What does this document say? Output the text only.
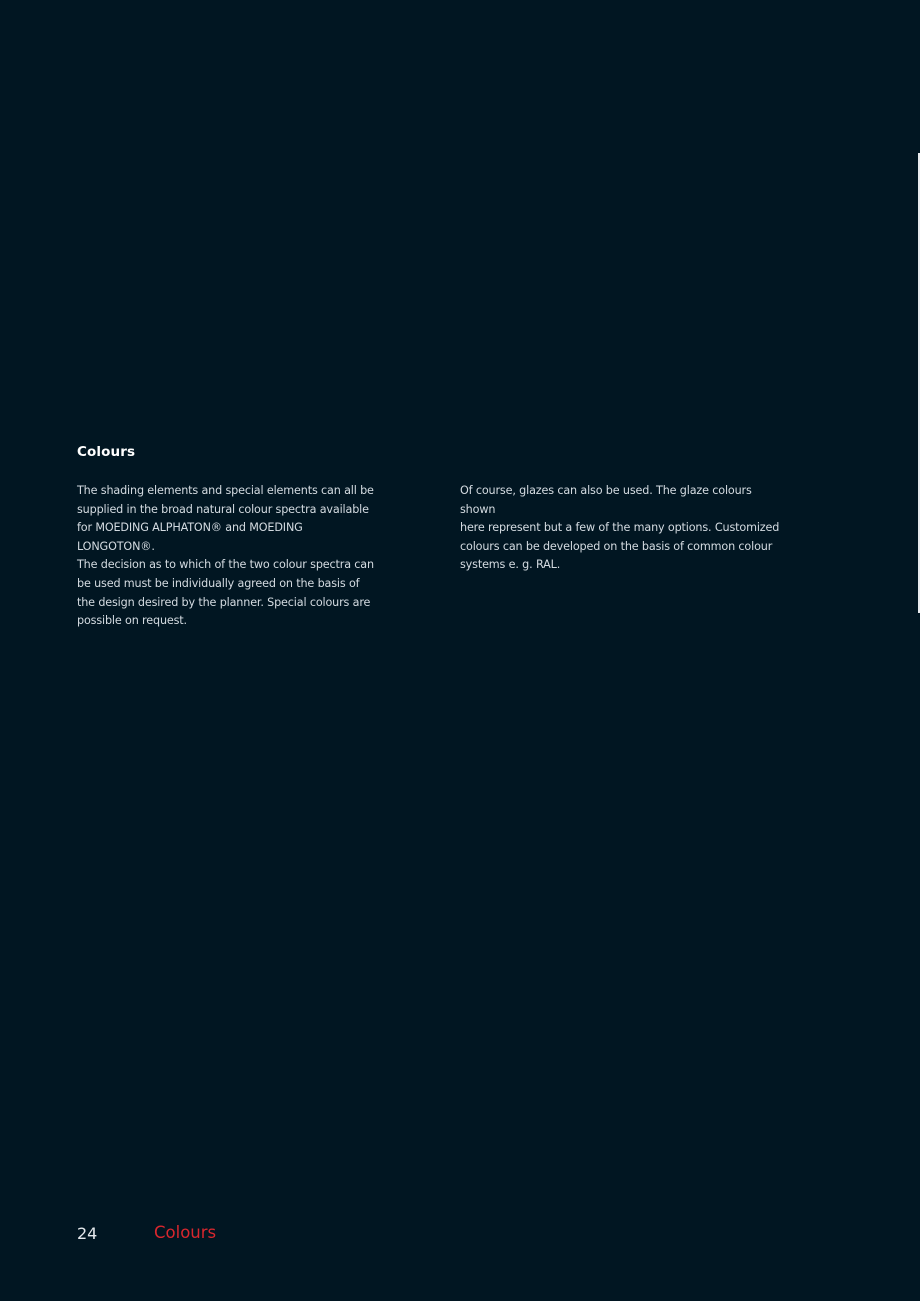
Colours

The shading elements and special elements can all be
supplied in the broad natural colour spectra available
for MOEDING ALPHATON® and MOEDING LONGOTON®.
The decision as to which of the two colour spectra can
be used must be individually agreed on the basis of
the design desired by the planner. Special colours are
possible on request.

Of course, glazes can also be used. The glaze colours shown
here represent but a few of the many options. Customized
colours can be developed on the basis of common colour
systems e. g. RAL.

24	Colours
